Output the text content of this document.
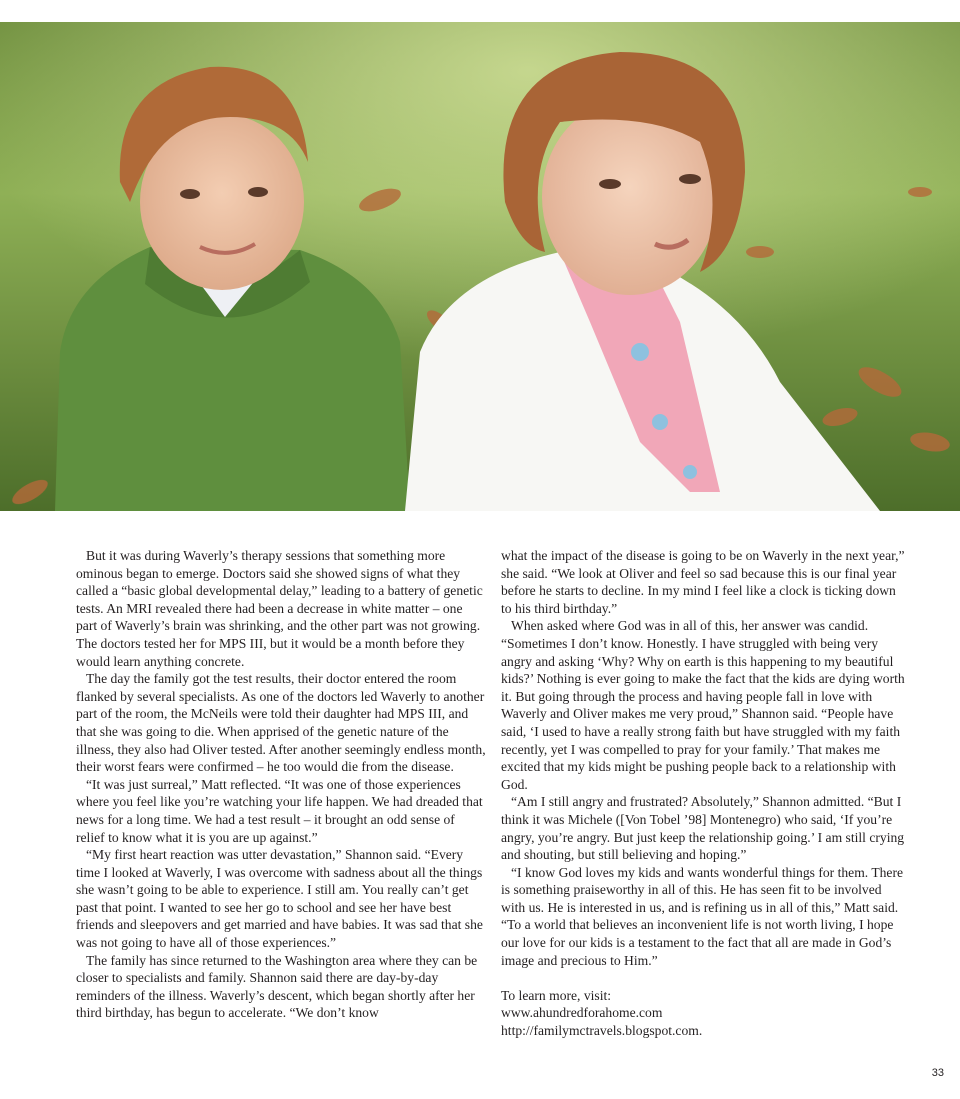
But it was during Waverly’s therapy sessions that something more ominous began to emerge. Doctors said she showed signs of what they called a “basic global developmental delay,” leading to a battery of genetic tests. An MRI revealed there had been a decrease in white matter – one part of Waverly’s brain was shrinking, and the other part was not growing. The doctors tested her for MPS III, but it would be a month before they would learn anything concrete.

The day the family got the test results, their doctor entered the room flanked by several specialists. As one of the doctors led Waverly to another part of the room, the McNeils were told their daughter had MPS III, and that she was going to die. When apprised of the genetic nature of the illness, they also had Oliver tested. After another seemingly endless month, their worst fears were confirmed – he too would die from the disease.

“It was just surreal,” Matt reflected. “It was one of those experiences where you feel like you’re watching your life happen. We had dreaded that news for a long time. We had a test result – it brought an odd sense of relief to know what it is you are up against.”

“My first heart reaction was utter devastation,” Shannon said. “Every time I looked at Waverly, I was overcome with sadness about all the things she wasn’t going to be able to experience. I still am. You really can’t get past that point. I wanted to see her go to school and see her have best friends and sleepovers and get married and have babies. It was sad that she was not going to have all of those experiences.”

The family has since returned to the Washington area where they can be closer to specialists and family. Shannon said there are day-by-day reminders of the illness. Waverly’s descent, which began shortly after her third birthday, has begun to accelerate. “We don’t know

what the impact of the disease is going to be on Waverly in the next year,” she said. “We look at Oliver and feel so sad because this is our final year before he starts to decline. In my mind I feel like a clock is ticking down to his third birthday.”

When asked where God was in all of this, her answer was candid. “Sometimes I don’t know. Honestly. I have struggled with being very angry and asking ‘Why? Why on earth is this happening to my beautiful kids?’ Nothing is ever going to make the fact that the kids are dying worth it. But going through the process and having people fall in love with Waverly and Oliver makes me very proud,” Shannon said. “People have said, ‘I used to have a really strong faith but have struggled with my faith recently, yet I was compelled to pray for your family.’ That makes me excited that my kids might be pushing people back to a relationship with God.

“Am I still angry and frustrated? Absolutely,” Shannon admitted. “But I think it was Michele ([Von Tobel ’98] Montenegro) who said, ‘If you’re angry, you’re angry. But just keep the relationship going.’ I am still crying and shouting, but still believing and hoping.”

“I know God loves my kids and wants wonderful things for them. There is something praiseworthy in all of this. He has seen fit to be involved with us. He is interested in us, and is refining us in all of this,” Matt said. “To a world that believes an inconvenient life is not worth living, I hope our love for our kids is a testament to the fact that all are made in God’s image and precious to Him.”

To learn more, visit:

www.ahundredforahome.com

http://familymctravels.blogspot.com.

33
